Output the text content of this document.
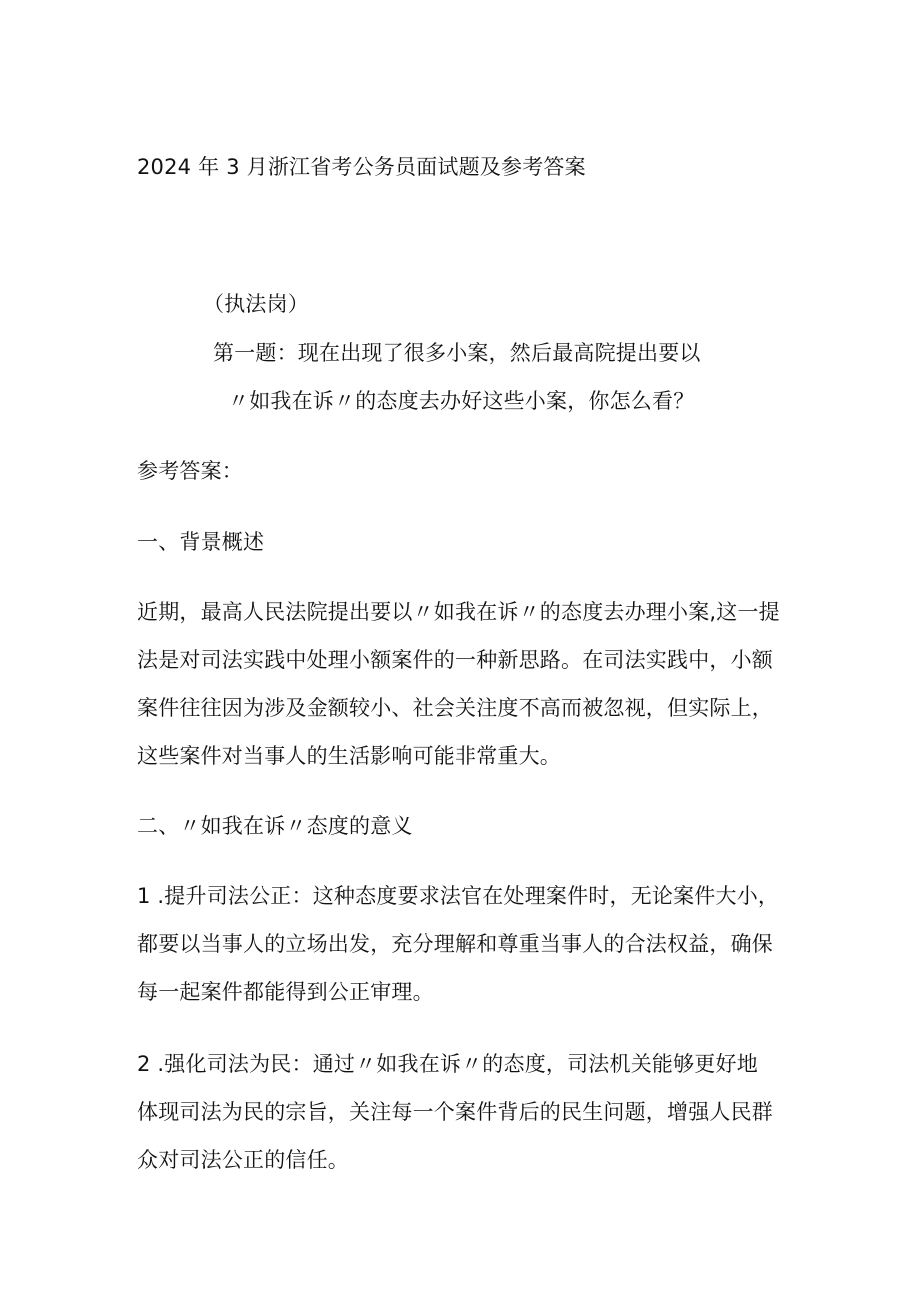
2024 年 3 月浙江省考公务员面试题及参考答案
（执法岗）
第一题：现在出现了很多小案，然后最高院提出要以
〃如我在诉〃的态度去办好这些小案，你怎么看？
参考答案：
一、背景概述
近期，最高人民法院提出要以〃如我在诉〃的态度去办理小案,这一提
法是对司法实践中处理小额案件的一种新思路。在司法实践中，小额
案件往往因为涉及金额较小、社会关注度不高而被忽视，但实际上，
这些案件对当事人的生活影响可能非常重大。
二、〃如我在诉〃态度的意义
1 .提升司法公正：这种态度要求法官在处理案件时，无论案件大小，
都要以当事人的立场出发，充分理解和尊重当事人的合法权益，确保
每一起案件都能得到公正审理。
2 .强化司法为民：通过〃如我在诉〃的态度，司法机关能够更好地
体现司法为民的宗旨，关注每一个案件背后的民生问题，增强人民群
众对司法公正的信任。
